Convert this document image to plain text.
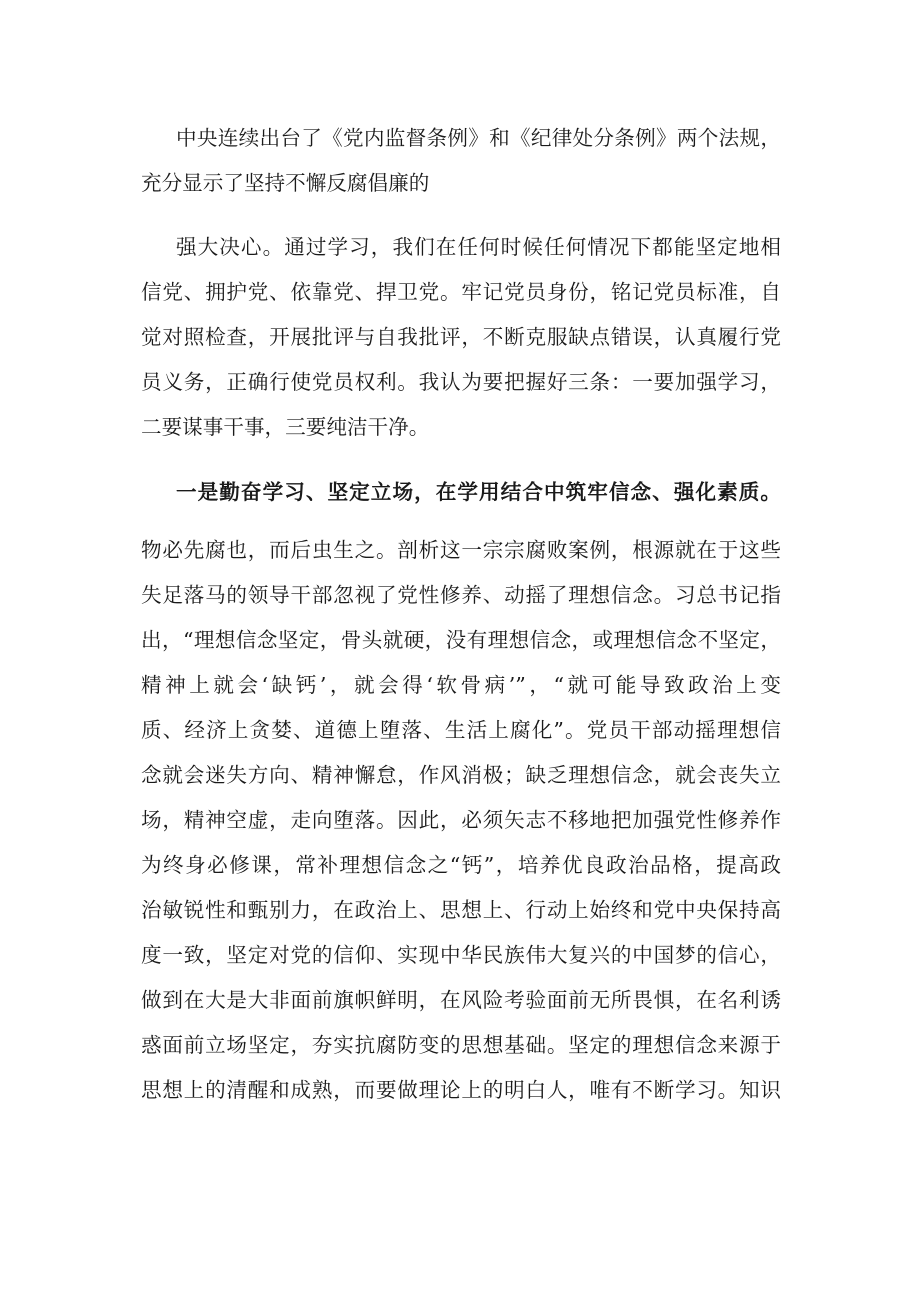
中央连续出台了《党内监督条例》和《纪律处分条例》两个法规，
充分显示了坚持不懈反腐倡廉的
强大决心。通过学习，我们在任何时候任何情况下都能坚定地相
信党、拥护党、依靠党、捍卫党。牢记党员身份，铭记党员标准，自
觉对照检查，开展批评与自我批评，不断克服缺点错误，认真履行党
员义务，正确行使党员权利。我认为要把握好三条：一要加强学习，
二要谋事干事，三要纯洁干净。
一是勤奋学习、坚定立场，在学用结合中筑牢信念、强化素质。
物必先腐也，而后虫生之。剖析这一宗宗腐败案例，根源就在于这些
失足落马的领导干部忽视了党性修养、动摇了理想信念。习总书记指
出，“理想信念坚定，骨头就硬，没有理想信念，或理想信念不坚定，
精神上就会‘缺钙’，就会得‘软骨病’”，“就可能导致政治上变
质、经济上贪婪、道德上堕落、生活上腐化”。党员干部动摇理想信
念就会迷失方向、精神懈怠，作风消极；缺乏理想信念，就会丧失立
场，精神空虚，走向堕落。因此，必须矢志不移地把加强党性修养作
为终身必修课，常补理想信念之“钙”，培养优良政治品格，提高政
治敏锐性和甄别力，在政治上、思想上、行动上始终和党中央保持高
度一致，坚定对党的信仰、实现中华民族伟大复兴的中国梦的信心，
做到在大是大非面前旗帜鲜明，在风险考验面前无所畏惧，在名利诱
惑面前立场坚定，夯实抗腐防变的思想基础。坚定的理想信念来源于
思想上的清醒和成熟，而要做理论上的明白人，唯有不断学习。知识
